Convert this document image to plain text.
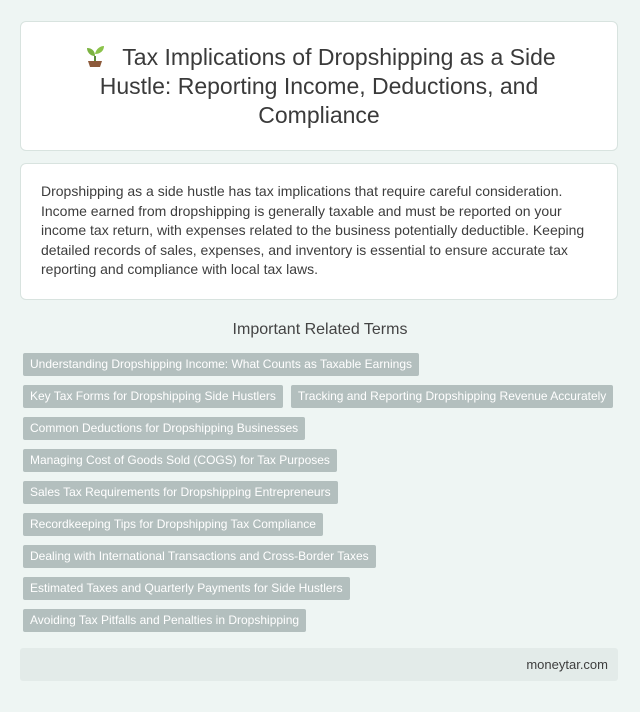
Tax Implications of Dropshipping as a Side Hustle: Reporting Income, Deductions, and Compliance

Dropshipping as a side hustle has tax implications that require careful consideration. Income earned from dropshipping is generally taxable and must be reported on your income tax return, with expenses related to the business potentially deductible. Keeping detailed records of sales, expenses, and inventory is essential to ensure accurate tax reporting and compliance with local tax laws.

Important Related Terms
Understanding Dropshipping Income: What Counts as Taxable Earnings
Key Tax Forms for Dropshipping Side Hustlers	Tracking and Reporting Dropshipping Revenue Accurately
Common Deductions for Dropshipping Businesses
Managing Cost of Goods Sold (COGS) for Tax Purposes
Sales Tax Requirements for Dropshipping Entrepreneurs
Recordkeeping Tips for Dropshipping Tax Compliance
Dealing with International Transactions and Cross-Border Taxes
Estimated Taxes and Quarterly Payments for Side Hustlers
Avoiding Tax Pitfalls and Penalties in Dropshipping
moneytar.com
